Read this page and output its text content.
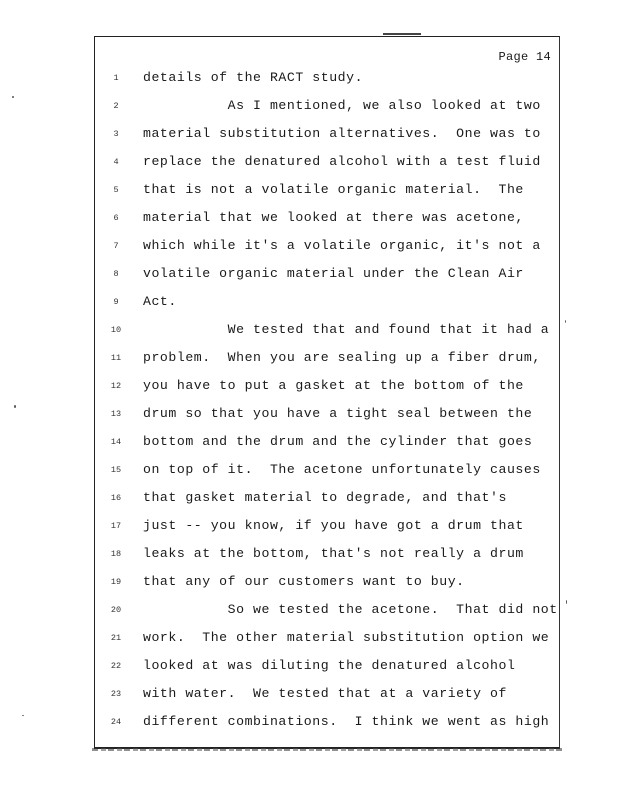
Page 14
1	details of the RACT study.
2	As I mentioned, we also looked at two
3	material substitution alternatives.  One was to
4	replace the denatured alcohol with a test fluid
5	that is not a volatile organic material.  The
6	material that we looked at there was acetone,
7	which while it's a volatile organic, it's not a
8	volatile organic material under the Clean Air
9	Act.
10 We tested that and found that it had a
11 problem.  When you are sealing up a fiber drum,
12 you have to put a gasket at the bottom of the
13 drum so that you have a tight seal between the
14 bottom and the drum and the cylinder that goes
15 on top of it.  The acetone unfortunately causes
16 that gasket material to degrade, and that's
17 just -- you know, if you have got a drum that
18 leaks at the bottom, that's not really a drum
19 that any of our customers want to buy.
20 So we tested the acetone.  That did not
21 work.  The other material substitution option we
22 looked at was diluting the denatured alcohol
23 with water.  We tested that at a variety of
24 different combinations.  I think we went as high
